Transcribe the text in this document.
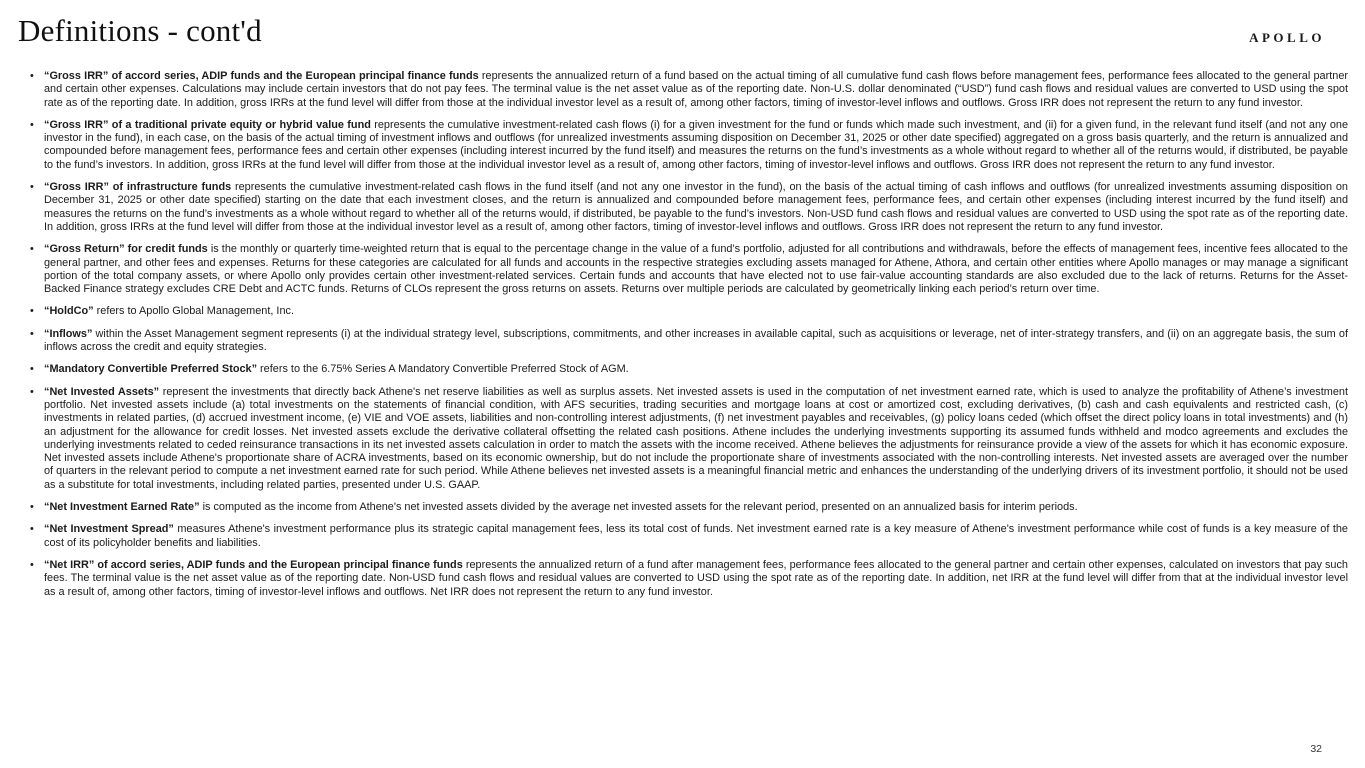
Definitions - cont'd	APOLLO
• “Gross IRR” of accord series, ADIP funds and the European principal finance funds represents the annualized return of a fund based on the actual timing of all cumulative fund cash flows before management fees, performance fees allocated to the general partner and certain other expenses. Calculations may include certain investors that do not pay fees. The terminal value is the net asset value as of the reporting date. Non-U.S. dollar denominated (“USD”) fund cash flows and residual values are converted to USD using the spot rate as of the reporting date. In addition, gross IRRs at the fund level will differ from those at the individual investor level as a result of, among other factors, timing of investor-level inflows and outflows. Gross IRR does not represent the return to any fund investor.
• “Gross IRR” of a traditional private equity or hybrid value fund represents the cumulative investment-related cash flows (i) for a given investment for the fund or funds which made such investment, and (ii) for a given fund, in the relevant fund itself (and not any one investor in the fund), in each case, on the basis of the actual timing of investment inflows and outflows (for unrealized investments assuming disposition on December 31, 2025 or other date specified) aggregated on a gross basis quarterly, and the return is annualized and compounded before management fees, performance fees and certain other expenses (including interest incurred by the fund itself) and measures the returns on the fund’s investments as a whole without regard to whether all of the returns would, if distributed, be payable to the fund’s investors. In addition, gross IRRs at the fund level will differ from those at the individual investor level as a result of, among other factors, timing of investor-level inflows and outflows. Gross IRR does not represent the return to any fund investor.
• “Gross IRR” of infrastructure funds represents the cumulative investment-related cash flows in the fund itself (and not any one investor in the fund), on the basis of the actual timing of cash inflows and outflows (for unrealized investments assuming disposition on December 31, 2025 or other date specified) starting on the date that each investment closes, and the return is annualized and compounded before management fees, performance fees, and certain other expenses (including interest incurred by the fund itself) and measures the returns on the fund’s investments as a whole without regard to whether all of the returns would, if distributed, be payable to the fund’s investors. Non-USD fund cash flows and residual values are converted to USD using the spot rate as of the reporting date. In addition, gross IRRs at the fund level will differ from those at the individual investor level as a result of, among other factors, timing of investor-level inflows and outflows. Gross IRR does not represent the return to any fund investor.
• “Gross Return” for credit funds is the monthly or quarterly time-weighted return that is equal to the percentage change in the value of a fund’s portfolio, adjusted for all contributions and withdrawals, before the effects of management fees, incentive fees allocated to the general partner, and other fees and expenses. Returns for these categories are calculated for all funds and accounts in the respective strategies excluding assets managed for Athene, Athora, and certain other entities where Apollo manages or may manage a significant portion of the total company assets, or where Apollo only provides certain other investment-related services. Certain funds and accounts that have elected not to use fair-value accounting standards are also excluded due to the lack of returns. Returns for the Asset-Backed Finance strategy excludes CRE Debt and ACTC funds. Returns of CLOs represent the gross returns on assets. Returns over multiple periods are calculated by geometrically linking each period’s return over time.
• “HoldCo” refers to Apollo Global Management, Inc.
• “Inflows” within the Asset Management segment represents (i) at the individual strategy level, subscriptions, commitments, and other increases in available capital, such as acquisitions or leverage, net of inter-strategy transfers, and (ii) on an aggregate basis, the sum of inflows across the credit and equity strategies.
• “Mandatory Convertible Preferred Stock” refers to the 6.75% Series A Mandatory Convertible Preferred Stock of AGM.
• “Net Invested Assets” represent the investments that directly back Athene's net reserve liabilities as well as surplus assets. Net invested assets is used in the computation of net investment earned rate, which is used to analyze the profitability of Athene’s investment portfolio. Net invested assets include (a) total investments on the statements of financial condition, with AFS securities, trading securities and mortgage loans at cost or amortized cost, excluding derivatives, (b) cash and cash equivalents and restricted cash, (c) investments in related parties, (d) accrued investment income, (e) VIE and VOE assets, liabilities and non-controlling interest adjustments, (f) net investment payables and receivables, (g) policy loans ceded (which offset the direct policy loans in total investments) and (h) an adjustment for the allowance for credit losses. Net invested assets exclude the derivative collateral offsetting the related cash positions. Athene includes the underlying investments supporting its assumed funds withheld and modco agreements and excludes the underlying investments related to ceded reinsurance transactions in its net invested assets calculation in order to match the assets with the income received. Athene believes the adjustments for reinsurance provide a view of the assets for which it has economic exposure. Net invested assets include Athene's proportionate share of ACRA investments, based on its economic ownership, but do not include the proportionate share of investments associated with the non-controlling interests. Net invested assets are averaged over the number of quarters in the relevant period to compute a net investment earned rate for such period. While Athene believes net invested assets is a meaningful financial metric and enhances the understanding of the underlying drivers of its investment portfolio, it should not be used as a substitute for total investments, including related parties, presented under U.S. GAAP.
• “Net Investment Earned Rate” is computed as the income from Athene's net invested assets divided by the average net invested assets for the relevant period, presented on an annualized basis for interim periods.
• “Net Investment Spread” measures Athene's investment performance plus its strategic capital management fees, less its total cost of funds. Net investment earned rate is a key measure of Athene's investment performance while cost of funds is a key measure of the cost of its policyholder benefits and liabilities.
• “Net IRR” of accord series, ADIP funds and the European principal finance funds represents the annualized return of a fund after management fees, performance fees allocated to the general partner and certain other expenses, calculated on investors that pay such fees. The terminal value is the net asset value as of the reporting date. Non-USD fund cash flows and residual values are converted to USD using the spot rate as of the reporting date. In addition, net IRR at the fund level will differ from that at the individual investor level as a result of, among other factors, timing of investor-level inflows and outflows. Net IRR does not represent the return to any fund investor.
32
